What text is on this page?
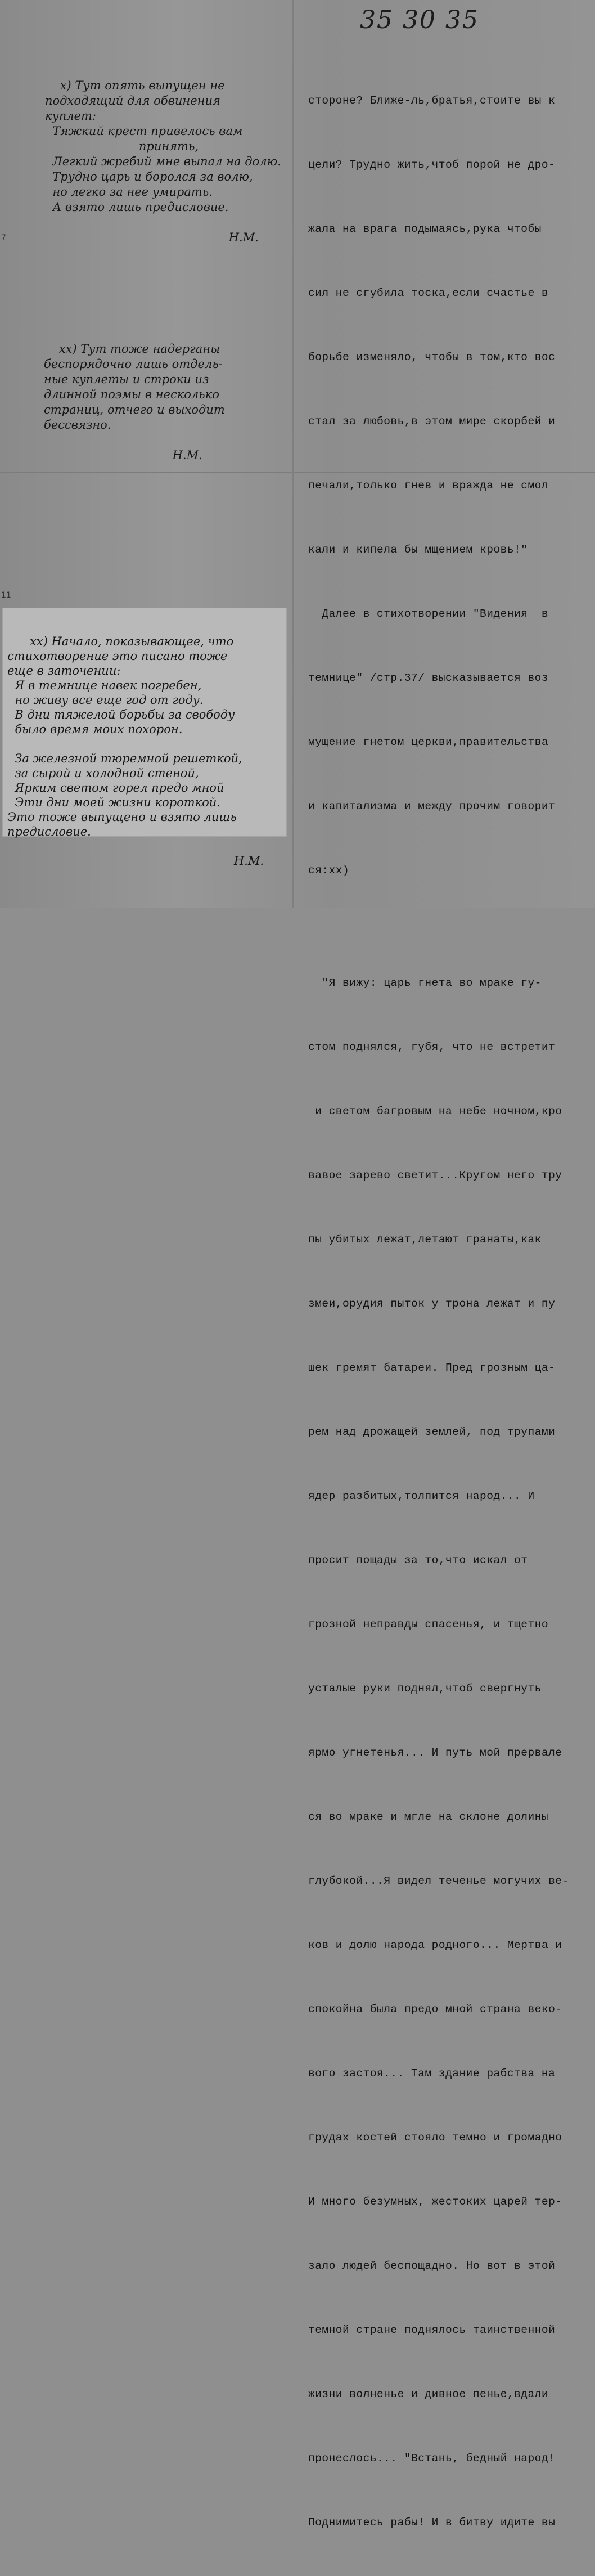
35 30 35
7
11

х) Тут опять выпущен не
подходящий для обвинения
куплет:
Тяжкий крест привелось вам
принять,
Легкий жребий мне выпал на долю.
Трудно царь и боролся за волю,
но легко за нее умирать.
А взято лишь предисловие.

Н.М.

хх) Тут тоже надерганы
беспорядочно лишь отдель-
ные куплеты и строки из
длинной поэмы в несколько
страниц, отчего и выходит
бессвязно.

Н.М.

хх) Начало, показывающее, что
стихотворение это писано тоже
еще в заточении:
Я в темнице навек погребен,
но живу все еще год от году.
В дни тяжелой борьбы за свободу
было время моих похорон.

За железной тюремной решеткой,
за сырой и холодной стеной,
Ярким светом горел предо мной
Эти дни моей жизни короткой.
Это тоже выпущено и взято лишь
предисловие.

Н.М.

стороне? Ближе-ль,братья,стоите вы к

цели? Трудно жить,чтоб порой не дро-

жала на врага подымаясь,рука чтобы

сил не сгубила тоска,если счастье в

борьбе изменяло, чтобы в том,кто вос

стал за любовь,в этом мире скорбей и

печали,только гнев и вражда не смол

кали и кипела бы мщением кровь!"

Далее в стихотворении "Видения  в

темнице" /стр.37/ высказывается воз

мущение гнетом церкви,правительства

и капитализма и между прочим говорит

ся:хх)

"Я вижу: царь гнета во мраке гу-

стом поднялся, губя, что не встретит

и светом багровым на небе ночном,кро

вавое зарево светит...Кругом него тру

пы убитых лежат,летают гранаты,как

змеи,орудия пыток у трона лежат и пу

шек гремят батареи. Пред грозным ца-

рем над дрожащей землей, под трупами

ядер разбитых,толпится народ... И

просит пощады за то,что искал от

грозной неправды спасенья, и тщетно

усталые руки поднял,чтоб свергнуть

ярмо угнетенья... И путь мой прервале

ся во мраке и мгле на склоне долины

глубокой...Я видел теченье могучих ве-

ков и долю народа родного... Мертва и

спокойна была предо мной страна веко-

вого застоя... Там здание рабства на

грудах костей стояло темно и громадно

И много безумных, жестоких царей тер-

зало людей беспощадно. Но вот в этой

темной стране поднялось таинственной

жизни волненье и дивное пенье,вдали

пронеслось... "Встань, бедный народ!

Поднимитесь рабы! И в битву идите вы
